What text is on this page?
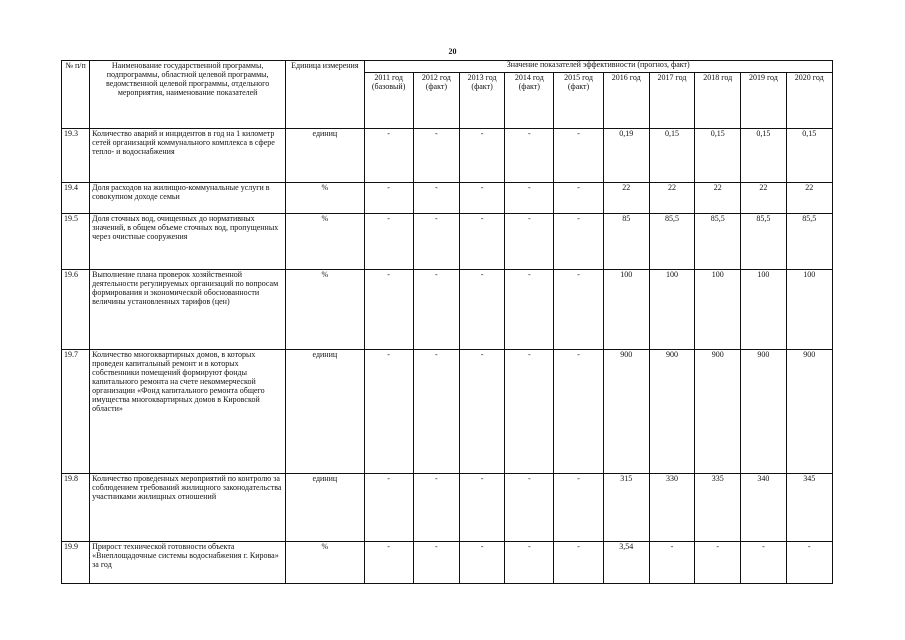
20
№ п/п	Наименование государственной программы, подпрограммы, областной целевой программы, ведомственной целевой программы, отдельного мероприятия, наименование показателей	Единица измерения	Значение показателей эффективности (прогноз, факт)									
			2011 год (базовый)	2012 год (факт)	2013 год (факт)	2014 год (факт)	2015 год (факт)	2016 год	2017 год	2018 год	2019 год	2020 год

19.3	Количество аварий и инцидентов в год на 1 километр сетей организаций коммунального комплекса в сфере тепло- и водоснабжения	единиц	-	-	-	-	-	0,19	0,15	0,15	0,15	0,15
19.4	Доля расходов на жилищно-коммунальные услуги в совокупном доходе семьи	%	-	-	-	-	-	22	22	22	22	22
19.5	Доля сточных вод, очищенных до нормативных значений, в общем объеме сточных вод, пропущенных через очистные сооружения	%	-	-	-	-	-	85	85,5	85,5	85,5	85,5
19.6	Выполнение плана проверок хозяйственной деятельности регулируемых организаций по вопросам формирования и экономической обоснованности величины установленных тарифов (цен)	%	-	-	-	-	-	100	100	100	100	100
19.7	Количество многоквартирных домов, в которых проведен капитальный ремонт и в которых собственники помещений формируют фонды капитального ремонта на счете некоммерческой организации «Фонд капитального ремонта общего имущества многоквартирных домов в Кировской области»	единиц	-	-	-	-	-	900	900	900	900	900
19.8	Количество проведенных мероприятий по контролю за соблюдением требований жилищного законодательства участниками жилищных отношений	единиц	-	-	-	-	-	315	330	335	340	345
19.9	Прирост технической готовности объекта «Внеплощадочные системы водоснабжения г. Кирова» за год	%	-	-	-	-	-	3,54	-	-	-	-
